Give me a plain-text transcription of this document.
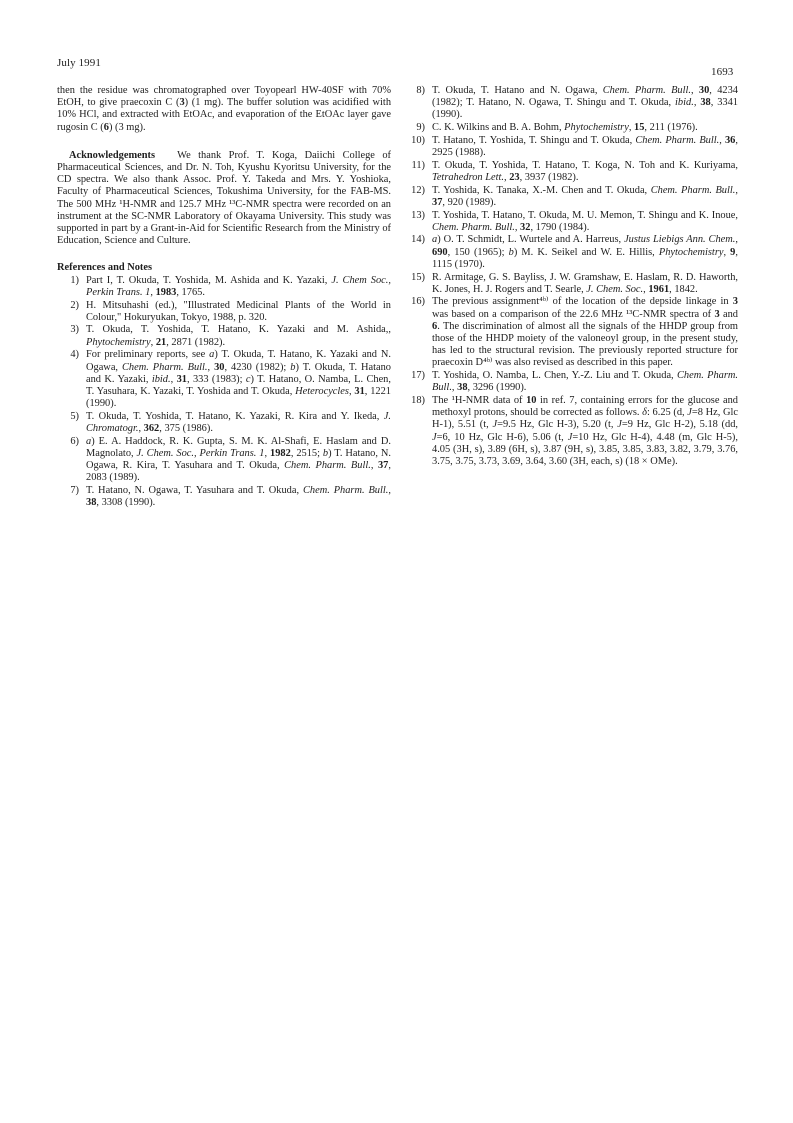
July 1991
1693

then the residue was chromatographed over Toyopearl HW-40SF with 70% EtOH, to give praecoxin C (3) (1 mg). The buffer solution was acidified with 10% HCl, and extracted with EtOAc, and evaporation of the EtOAc layer gave rugosin C (6) (3 mg).

Acknowledgements We thank Prof. T. Koga, Daiichi College of Pharmaceutical Sciences, and Dr. N. Toh, Kyushu Kyoritsu University, for the CD spectra. We also thank Assoc. Prof. Y. Takeda and Mrs. Y. Yoshioka, Faculty of Pharmaceutical Sciences, Tokushima University, for the FAB-MS. The 500 MHz ¹H-NMR and 125.7 MHz ¹³C-NMR spectra were recorded on an instrument at the SC-NMR Laboratory of Okayama University. This study was supported in part by a Grant-in-Aid for Scientific Research from the Ministry of Education, Science and Culture.

References and Notes
1) Part I, T. Okuda, T. Yoshida, M. Ashida and K. Yazaki, J. Chem Soc., Perkin Trans. 1, 1983, 1765.
2) H. Mitsuhashi (ed.), "Illustrated Medicinal Plants of the World in Colour," Hokuryukan, Tokyo, 1988, p. 320.
3) T. Okuda, T. Yoshida, T. Hatano, K. Yazaki and M. Ashida,, Phytochemistry, 21, 2871 (1982).
4) For preliminary reports, see a) T. Okuda, T. Hatano, K. Yazaki and N. Ogawa, Chem. Pharm. Bull., 30, 4230 (1982); b) T. Okuda, T. Hatano and K. Yazaki, ibid., 31, 333 (1983); c) T. Hatano, O. Namba, L. Chen, T. Yasuhara, K. Yazaki, T. Yoshida and T. Okuda, Heterocycles, 31, 1221 (1990).
5) T. Okuda, T. Yoshida, T. Hatano, K. Yazaki, R. Kira and Y. Ikeda, J. Chromatogr., 362, 375 (1986).
6) a) E. A. Haddock, R. K. Gupta, S. M. K. Al-Shafi, E. Haslam and D. Magnolato, J. Chem. Soc., Perkin Trans. 1, 1982, 2515; b) T. Hatano, N. Ogawa, R. Kira, T. Yasuhara and T. Okuda, Chem. Pharm. Bull., 37, 2083 (1989).
7) T. Hatano, N. Ogawa, T. Yasuhara and T. Okuda, Chem. Pharm. Bull., 38, 3308 (1990).
8) T. Okuda, T. Hatano and N. Ogawa, Chem. Pharm. Bull., 30, 4234 (1982); T. Hatano, N. Ogawa, T. Shingu and T. Okuda, ibid., 38, 3341 (1990).
9) C. K. Wilkins and B. A. Bohm, Phytochemistry, 15, 211 (1976).
10) T. Hatano, T. Yoshida, T. Shingu and T. Okuda, Chem. Pharm. Bull., 36, 2925 (1988).
11) T. Okuda, T. Yoshida, T. Hatano, T. Koga, N. Toh and K. Kuriyama, Tetrahedron Lett., 23, 3937 (1982).
12) T. Yoshida, K. Tanaka, X.-M. Chen and T. Okuda, Chem. Pharm. Bull., 37, 920 (1989).
13) T. Yoshida, T. Hatano, T. Okuda, M. U. Memon, T. Shingu and K. Inoue, Chem. Pharm. Bull., 32, 1790 (1984).
14) a) O. T. Schmidt, L. Wurtele and A. Harreus, Justus Liebigs Ann. Chem., 690, 150 (1965); b) M. K. Seikel and W. E. Hillis, Phytochemistry, 9, 1115 (1970).
15) R. Armitage, G. S. Bayliss, J. W. Gramshaw, E. Haslam, R. D. Haworth, K. Jones, H. J. Rogers and T. Searle, J. Chem. Soc., 1961, 1842.
16) The previous assignment⁴ᵇ⁾ of the location of the depside linkage in 3 was based on a comparison of the 22.6 MHz ¹³C-NMR spectra of 3 and 6. The discrimination of almost all the signals of the HHDP group from those of the HHDP moiety of the valoneoyl group, in the present study, has led to the structural revision. The previously reported structure for praecoxin D⁴ᵇ⁾ was also revised as described in this paper.
17) T. Yoshida, O. Namba, L. Chen, Y.-Z. Liu and T. Okuda, Chem. Pharm. Bull., 38, 3296 (1990).
18) The ¹H-NMR data of 10 in ref. 7, containing errors for the glucose and methoxyl protons, should be corrected as follows. δ: 6.25 (d, J=8 Hz, Glc H-1), 5.51 (t, J=9.5 Hz, Glc H-3), 5.20 (t, J=9 Hz, Glc H-2), 5.18 (dd, J=6, 10 Hz, Glc H-6), 5.06 (t, J=10 Hz, Glc H-4), 4.48 (m, Glc H-5), 4.05 (3H, s), 3.89 (6H, s), 3.87 (9H, s), 3.85, 3.85, 3.83, 3.82, 3.79, 3.76, 3.75, 3.75, 3.73, 3.69, 3.64, 3.60 (3H, each, s) (18 × OMe).
